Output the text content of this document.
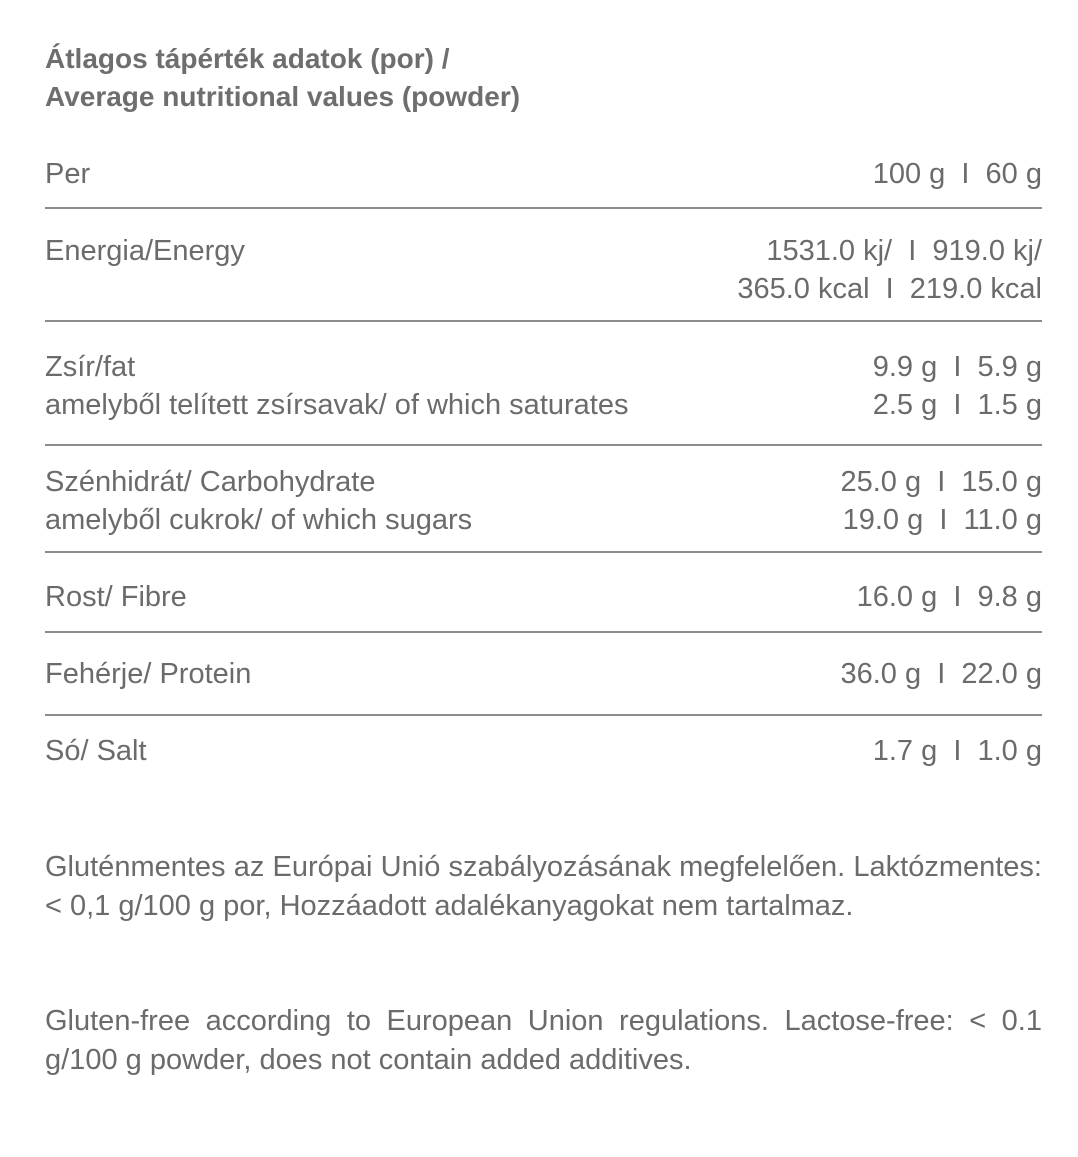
Átlagos tápérték adatok (por) /
Average nutritional values (powder)
Per	100 g  I  60 g
Energia/Energy	1531.0 kj/  I  919.0 kj/
365.0 kcal  I  219.0 kcal
Zsír/fat	9.9 g  I  5.9 g
amelyből telített zsírsavak/ of which saturates	2.5 g  I  1.5 g
Szénhidrát/ Carbohydrate	25.0 g  I  15.0 g
amelyből cukrok/ of which sugars	19.0 g  I  11.0 g
Rost/ Fibre	16.0 g  I  9.8 g
Fehérje/ Protein	36.0 g  I  22.0 g
Só/ Salt	1.7 g  I  1.0 g
Gluténmentes az Európai Unió szabályozásának megfelelően. Laktózmentes: < 0,1 g/100 g por, Hozzáadott adalékanyagokat nem tartalmaz.
Gluten-free according to European Union regulations. Lactose-free: < 0.1 g/100 g powder, does not contain added additives.
